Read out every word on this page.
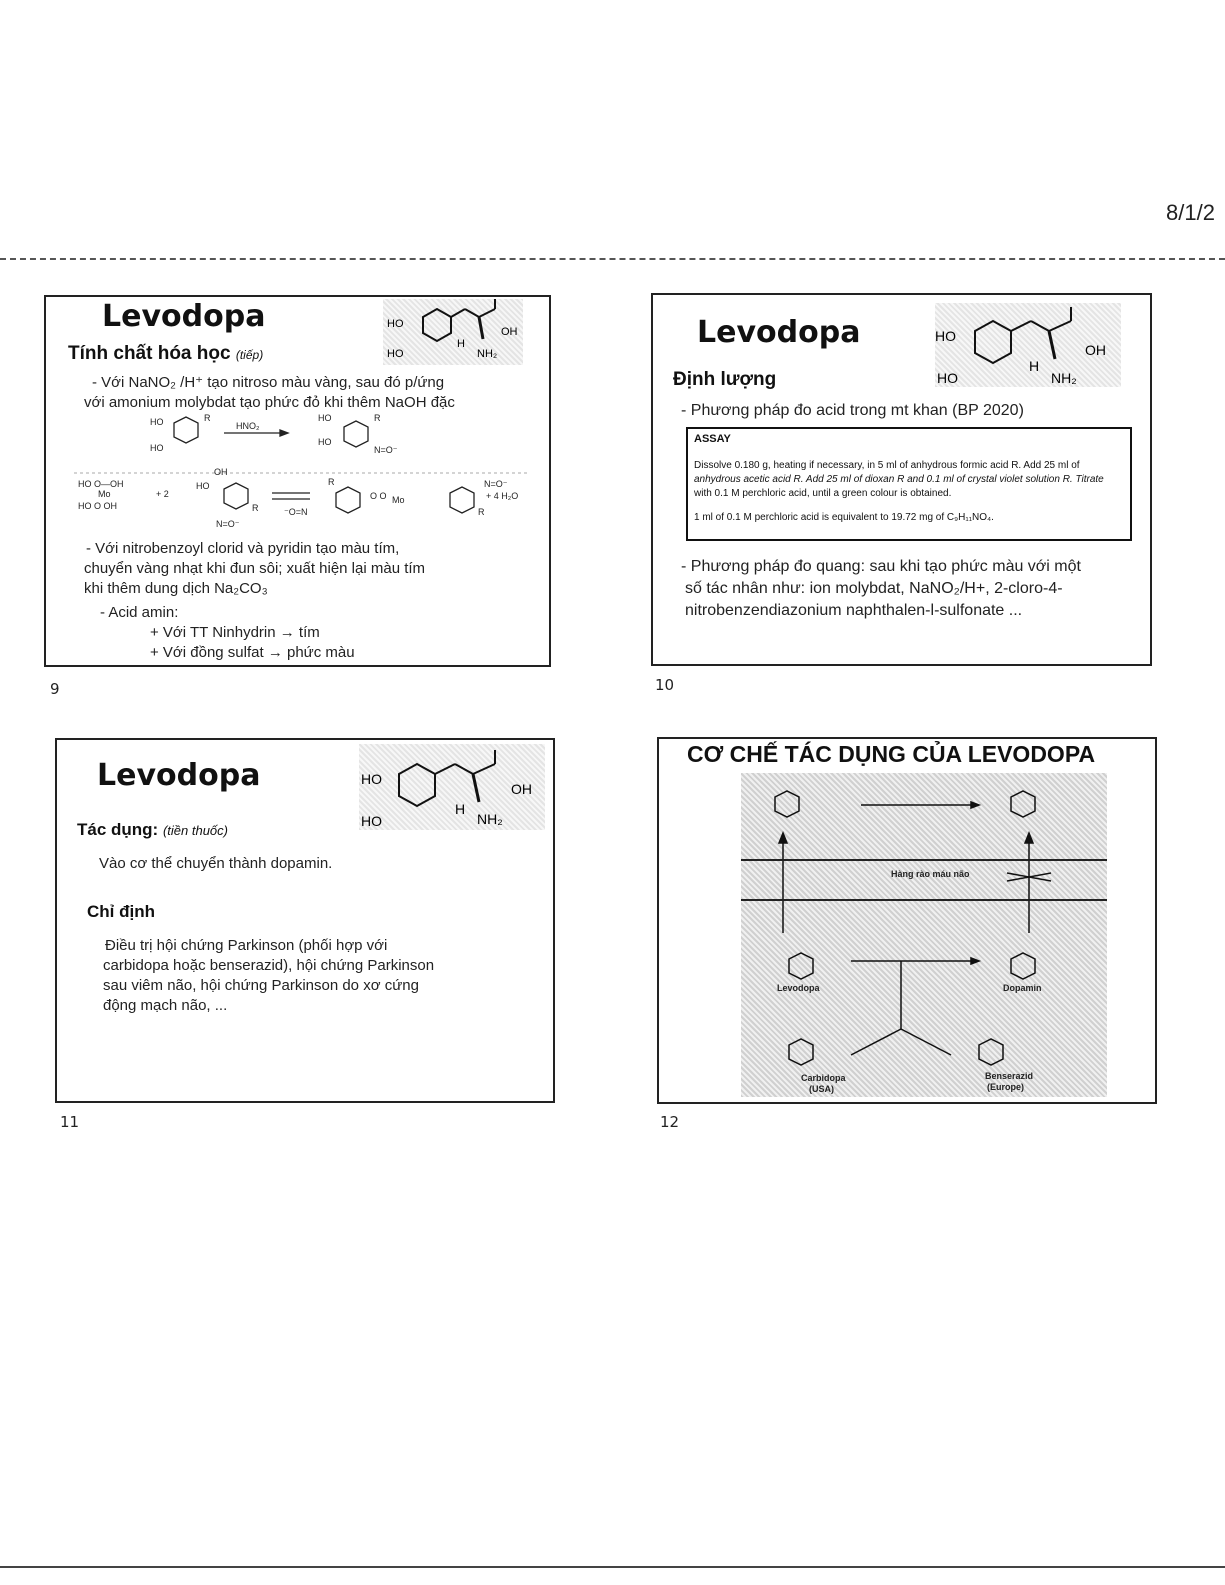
8/1/2
Levodopa	HO
HO
OH
H
NH₂
Tính chất hóa học (tiếp)
- Với NaNO₂ /H⁺ tạo nitroso màu vàng, sau đó p/ứng
với amonium molybdat tạo phức đỏ khi thêm NaOH đặc
HO
HO
R
HNO₂
HO
HO
R
N=O⁻
HO O—OH
Mo
HO O OH
+ 2
OH
HO
R
N=O⁻
R
⁻O=N
O O Mo
N=O⁻
+ 4 H₂O
R
- Với nitrobenzoyl clorid và pyridin tạo màu tím,
chuyển vàng nhạt khi đun sôi; xuất hiện lại màu tím
khi thêm dung dịch Na₂CO₃
- Acid amin:
+ Với TT Ninhydrin → tím
+ Với đồng sulfat → phức màu
9
Levodopa	HO
HO
OH
H
NH₂
Định lượng
- Phương pháp đo acid trong mt khan (BP 2020)
ASSAY
Dissolve 0.180 g, heating if necessary, in 5 ml of anhydrous formic acid R. Add 25 ml of
anhydrous acetic acid R. Add 25 ml of dioxan R and 0.1 ml of crystal violet solution R. Titrate
with 0.1 M perchloric acid, until a green colour is obtained.
1 ml of 0.1 M perchloric acid is equivalent to 19.72 mg of C₉H₁₁NO₄.
- Phương pháp đo quang: sau khi tạo phức màu với một
số tác nhân như: ion molybdat, NaNO₂/H+, 2-cloro-4-
nitrobenzendiazonium naphthalen-l-sulfonate ...
10
Levodopa	HO
HO
OH
H
NH₂
Tác dụng: (tiền thuốc)
Vào cơ thể chuyển thành dopamin.
Chỉ định
Điều trị hội chứng Parkinson (phối hợp với
carbidopa hoặc benserazid), hội chứng Parkinson
sau viêm não, hội chứng Parkinson do xơ cứng
động mạch não, ...
11
CƠ CHẾ TÁC DỤNG CỦA LEVODOPA
Hàng rào máu não
Levodopa	Dopamin
Carbidopa
(USA)
Benserazid
(Europe)
12
